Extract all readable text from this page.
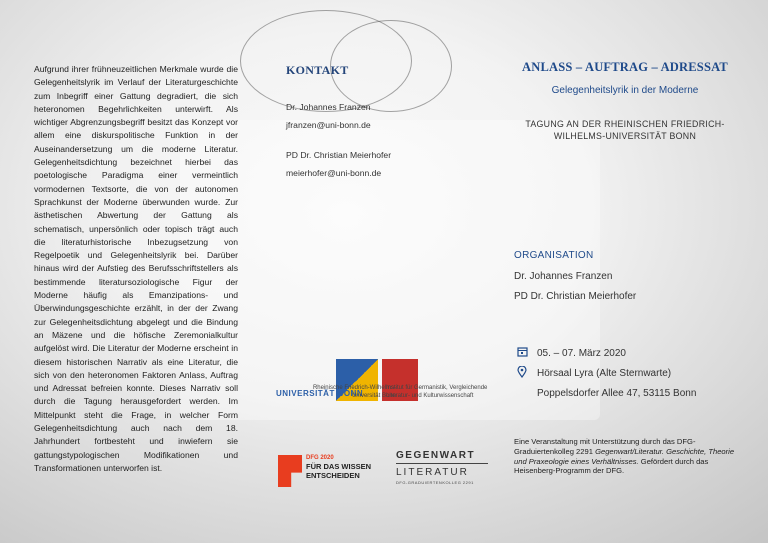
Aufgrund ihrer frühneuzeitlichen Merkmale wurde die Gelegenheitslyrik im Verlauf der Literaturgeschichte zum Inbegriff einer Gattung degradiert, die sich heteronomen Begehrlichkeiten unterwirft. Als wichtiger Abgrenzungsbegriff besitzt das Konzept vor allem eine diskurspolitische Funktion in der Auseinandersetzung um die moderne Literatur. Gelegenheitsdichtung bezeichnet hierbei das poetologische Paradigma einer vermeintlich vormodernen Textsorte, die von der autonomen Sprachkunst der Moderne überwunden wurde. Zur ästhetischen Abwertung der Gattung als schematisch, unpersönlich oder topisch trägt auch die literaturhistorische Inbezugsetzung von Regelpoetik und Gelegenheitslyrik bei. Darüber hinaus wird der Aufstieg des Berufsschriftstellers als bestimmende literatursoziologische Figur der Moderne häufig als Emanzipations- und Überwindungsgeschichte erzählt, in der der Zwang zur Gelegenheitsdichtung abgelegt und die Bindung an Mäzene und die höfische Zeremonialkultur aufgelöst wird. Die Literatur der Moderne erscheint in diesem historischen Narrativ als eine Literatur, die sich von den heteronomen Faktoren Anlass, Auftrag und Adressat befreien konnte. Dieses Narrativ soll durch die Tagung herausgefordert werden. Im Mittelpunkt steht die Frage, in welcher Form Gelegenheitsdichtung auch nach dem 18. Jahrhundert fortbesteht und inwiefern sie gattungstypologischen Modifikationen und Transformationen unterworfen ist.
KONTAKT
Dr. Johannes Franzen
jfranzen@uni-bonn.de
PD Dr. Christian Meierhofer
meierhofer@uni-bonn.de
UNIVERSITÄT BONN
Rheinische Friedrich-Wilhelms-Universität Bonn
Institut für Germanistik, Vergleichende Literatur- und Kulturwissenschaft
DFG 2020
FÜR DAS WISSEN ENTSCHEIDEN
GEGENWART
LITERATUR
DFG-GRADUIERTENKOLLEG 2291
ANLASS – AUFTRAG – ADRESSAT
Gelegenheitslyrik in der Moderne
TAGUNG AN DER RHEINISCHEN FRIEDRICH-WILHELMS-UNIVERSITÄT BONN
ORGANISATION
Dr. Johannes Franzen
PD Dr. Christian Meierhofer
05. – 07. März 2020
Hörsaal Lyra (Alte Sternwarte)
Poppelsdorfer Allee 47, 53115 Bonn
Eine Veranstaltung mit Unterstützung durch das DFG-Graduiertenkolleg 2291 Gegenwart/Literatur. Geschichte, Theorie und Praxeologie eines Verhältnisses. Gefördert durch das Heisenberg-Programm der DFG.
